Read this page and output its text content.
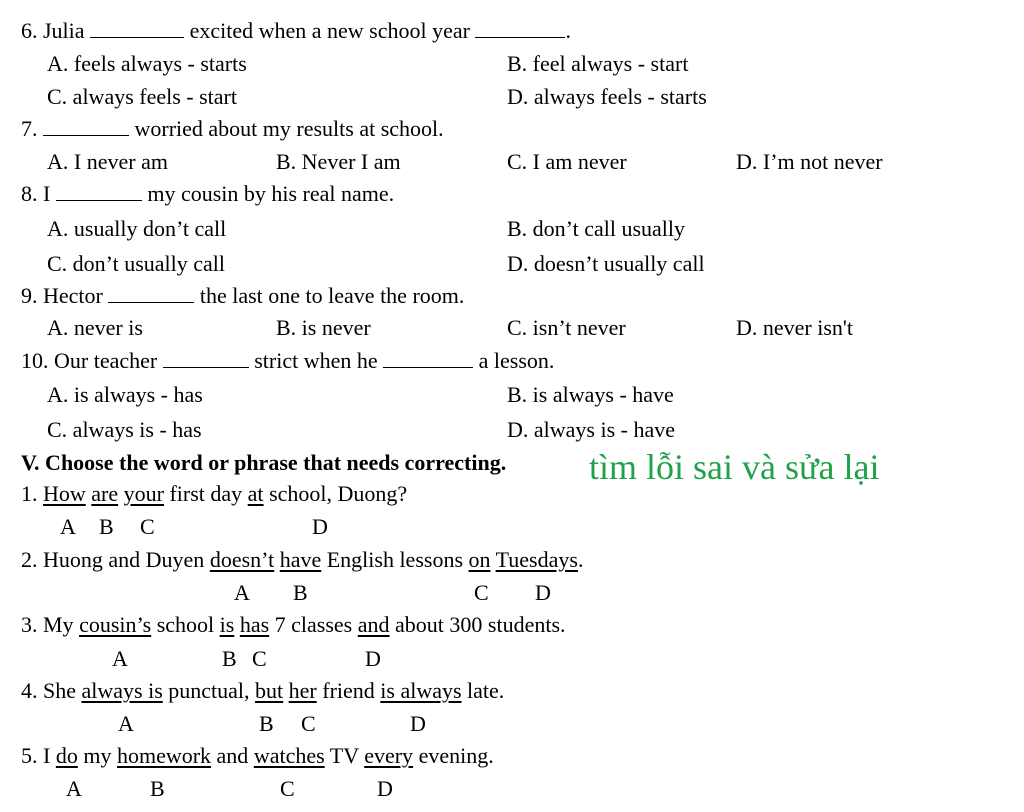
6. Julia	excited when a new school year	.
A. feels always - starts	B. feel always - start
C. always feels - start	D. always feels - starts
7.	worried about my results at school.
A. I never am	B. Never I am	C. I am never	D. I’m not never
8. I	my cousin by his real name.
A. usually don’t call	B. don’t call usually
C. don’t usually call	D. doesn’t usually call
9. Hector	the last one to leave the room.
A. never is	B. is never	C. isn’t never	D. never isn't
10. Our teacher	strict when he	a lesson.
A. is always - has	B. is always - have
C. always is - has	D. always is - have
V. Choose the word or phrase that needs correcting. tìm lỗi sai và sửa lại
1. How are your first day at school, Duong?
A B C	D
2. Huong and Duyen doesn’t have English lessons on Tuesdays.
A B	C D
3. My cousin’s school is has 7 classes and about 300 students.
A	B C	D
4. She always is punctual, but her friend is always late.
A	B C	D
5. I do my homework and watches TV every evening.
A	B	C	D
